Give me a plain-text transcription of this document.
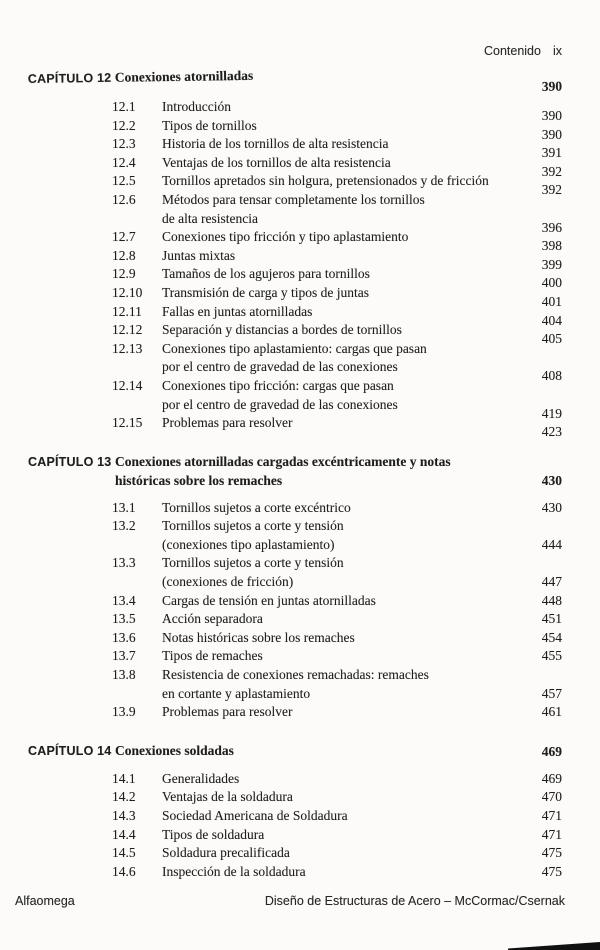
Contenido ix
CAPÍTULO 12 Conexiones atornilladas
390
12.1	Introducción
390
12.2	Tipos de tornillos
390
12.3	Historia de los tornillos de alta resistencia
391
12.4	Ventajas de los tornillos de alta resistencia
392
12.5	Tornillos apretados sin holgura, pretensionados y de fricción
392
12.6	Métodos para tensar completamente los tornillos
de alta resistencia
396
12.7	Conexiones tipo fricción y tipo aplastamiento
398
12.8	Juntas mixtas
399
12.9	Tamaños de los agujeros para tornillos
400
12.10	Transmisión de carga y tipos de juntas
401
12.11	Fallas en juntas atornilladas
404
12.12	Separación y distancias a bordes de tornillos
405
12.13	Conexiones tipo aplastamiento: cargas que pasan
por el centro de gravedad de las conexiones
408
12.14	Conexiones tipo fricción: cargas que pasan
por el centro de gravedad de las conexiones
419
12.15	Problemas para resolver
423
CAPÍTULO 13 Conexiones atornilladas cargadas excéntricamente y notas
históricas sobre los remaches	430
13.1	Tornillos sujetos a corte excéntrico	430
13.2	Tornillos sujetos a corte y tensión
(conexiones tipo aplastamiento)	444
13.3	Tornillos sujetos a corte y tensión
(conexiones de fricción)	447
13.4	Cargas de tensión en juntas atornilladas	448
13.5	Acción separadora	451
13.6	Notas históricas sobre los remaches	454
13.7	Tipos de remaches	455
13.8	Resistencia de conexiones remachadas: remaches
en cortante y aplastamiento	457
13.9	Problemas para resolver	461
CAPÍTULO 14 Conexiones soldadas	469
14.1	Generalidades	469
14.2	Ventajas de la soldadura	470
14.3	Sociedad Americana de Soldadura	471
14.4	Tipos de soldadura	471
14.5	Soldadura precalificada	475
14.6	Inspección de la soldadura	475
Alfaomega	Diseño de Estructuras de Acero – McCormac/Csernak
